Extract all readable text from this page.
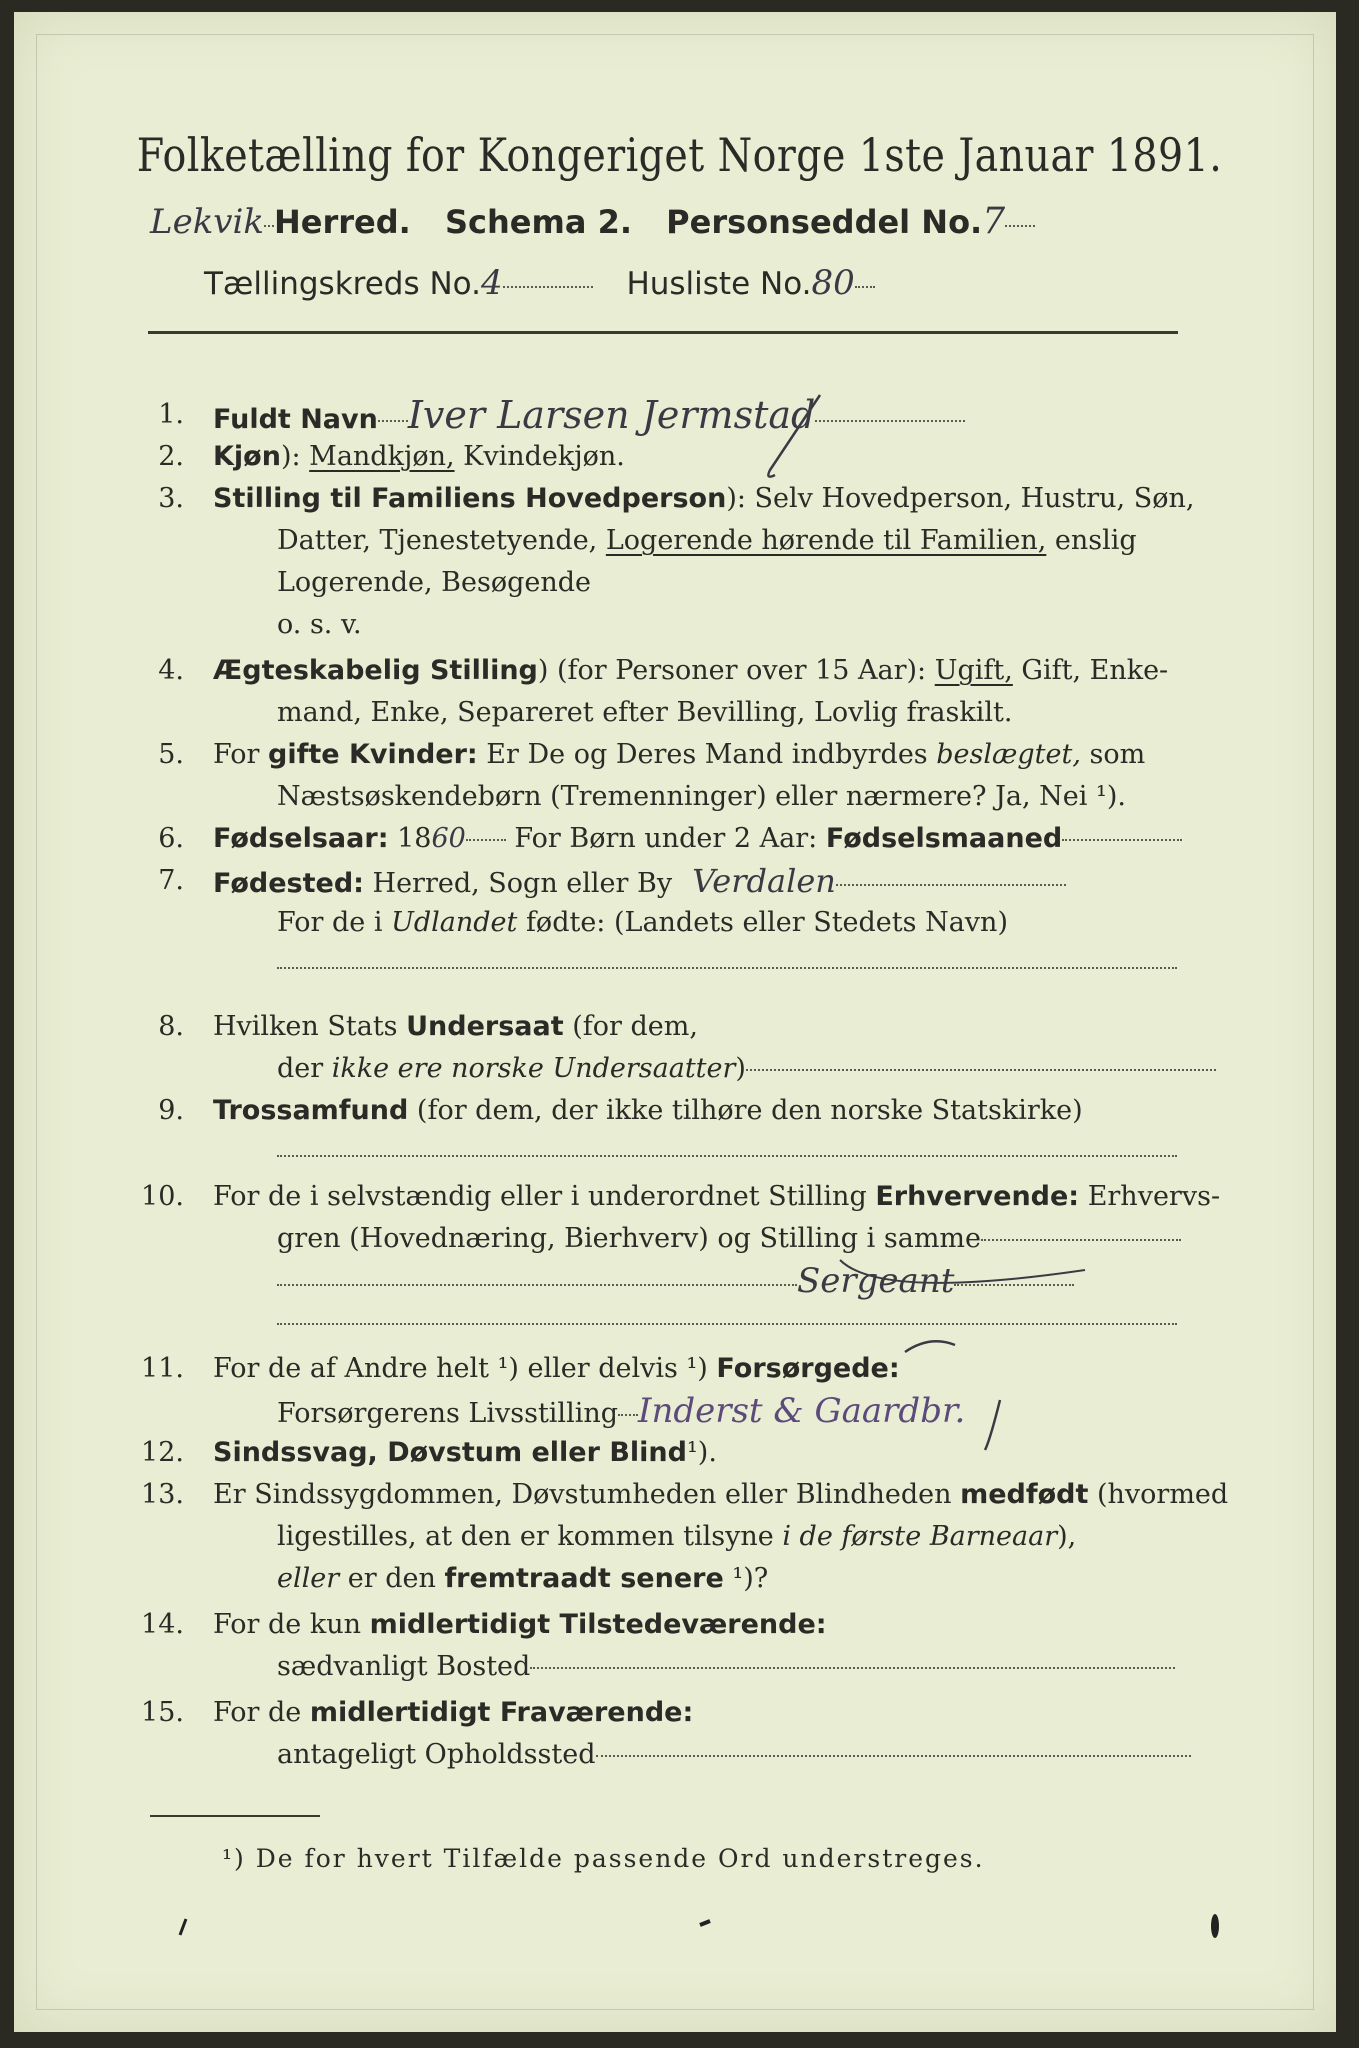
Folketælling for Kongeriget Norge 1ste Januar 1891.
Lekvik Herred. Schema 2. Personseddel No.7
Tællingskreds No.4	Husliste No.80
1. Fuldt Navn Iver Larsen Jermstad
2. Kjøn): Mandkjøn, Kvindekjøn.
3. Stilling til Familiens Hovedperson): Selv Hovedperson, Hustru, Søn,
Datter, Tjenestetyende, Logerende hørende til Familien, enslig
Logerende, Besøgende
o. s. v.
4. Ægteskabelig Stilling) (for Personer over 15 Aar): Ugift, Gift, Enke-
mand, Enke, Separeret efter Bevilling, Lovlig fraskilt.
5. For gifte Kvinder: Er De og Deres Mand indbyrdes beslægtet, som
Næstsøskendebørn (Tremenninger) eller nærmere? Ja, Nei ¹).
6. Fødselsaar: 1860 For Børn under 2 Aar: Fødselsmaaned
7. Fødested: Herred, Sogn eller By Verdalen
For de i Udlandet fødte: (Landets eller Stedets Navn)
8. Hvilken Stats Undersaat (for dem,
der ikke ere norske Undersaatter)
9. Trossamfund (for dem, der ikke tilhøre den norske Statskirke)
10. For de i selvstændig eller i underordnet Stilling Erhvervende: Erhvervs-
gren (Hovednæring, Bierhverv) og Stilling i samme
Sergeant
11. For de af Andre helt ¹) eller delvis ¹) Forsørgede:
Forsørgerens Livsstilling Inderst & Gaardbr.
12. Sindssvag, Døvstum eller Blind¹).
13. Er Sindssygdommen, Døvstumheden eller Blindheden medfødt (hvormed
ligestilles, at den er kommen tilsyne i de første Barneaar),
eller er den fremtraadt senere ¹)?
14. For de kun midlertidigt Tilstedeværende:
sædvanligt Bosted
15. For de midlertidigt Fraværende:
antageligt Opholdssted
¹) De for hvert Tilfælde passende Ord understreges.
